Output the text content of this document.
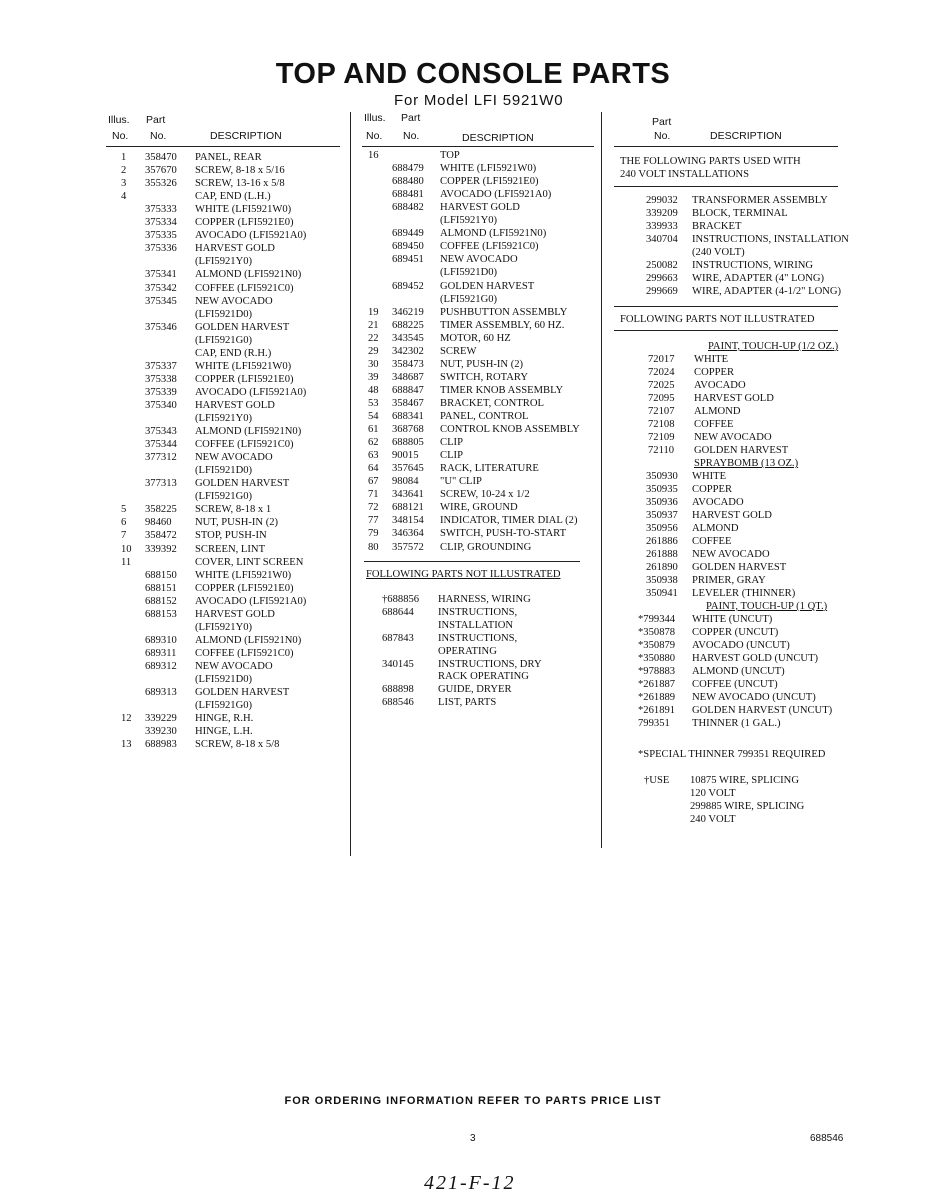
TOP AND CONSOLE PARTS
For Model LFI 5921W0
Illus. Part
No. No.	DESCRIPTION
Illus. Part
No. No.	DESCRIPTION
Part
No.	DESCRIPTION
1 358470 PANEL, REAR
2 357670 SCREW, 8-18 x 5/16
3 355326 SCREW, 13-16 x 5/8
4	CAP, END (L.H.)
375333 WHITE (LFI5921W0)
375334 COPPER (LFI5921E0)
375335 AVOCADO (LFI5921A0)
375336 HARVEST GOLD
(LFI5921Y0)
375341 ALMOND (LFI5921N0)
375342 COFFEE (LFI5921C0)
375345 NEW AVOCADO
(LFI5921D0)
375346 GOLDEN HARVEST
(LFI5921G0)
CAP, END (R.H.)
375337 WHITE (LFI5921W0)
375338 COPPER (LFI5921E0)
375339 AVOCADO (LFI5921A0)
375340 HARVEST GOLD
(LFI5921Y0)
375343 ALMOND (LFI5921N0)
375344 COFFEE (LFI5921C0)
377312 NEW AVOCADO
(LFI5921D0)
377313 GOLDEN HARVEST
(LFI5921G0)
5 358225 SCREW, 8-18 x 1
6 98460 NUT, PUSH-IN (2)
7 358472 STOP, PUSH-IN
10 339392 SCREEN, LINT
11	COVER, LINT SCREEN
688150 WHITE (LFI5921W0)
688151 COPPER (LFI5921E0)
688152 AVOCADO (LFI5921A0)
688153 HARVEST GOLD
(LFI5921Y0)
689310 ALMOND (LFI5921N0)
689311 COFFEE (LFI5921C0)
689312 NEW AVOCADO
(LFI5921D0)
689313 GOLDEN HARVEST
(LFI5921G0)
12 339229 HINGE, R.H.
339230 HINGE, L.H.
13 688983 SCREW, 8-18 x 5/8
16	TOP
688479 WHITE (LFI5921W0)
688480 COPPER (LFI5921E0)
688481 AVOCADO (LFI5921A0)
688482 HARVEST GOLD
(LFI5921Y0)
689449 ALMOND (LFI5921N0)
689450 COFFEE (LFI5921C0)
689451 NEW AVOCADO
(LFI5921D0)
689452 GOLDEN HARVEST
(LFI5921G0)
19 346219 PUSHBUTTON ASSEMBLY
21 688225 TIMER ASSEMBLY, 60 HZ.
22 343545 MOTOR, 60 HZ
29 342302 SCREW
30 358473 NUT, PUSH-IN (2)
39 348687 SWITCH, ROTARY
48 688847 TIMER KNOB ASSEMBLY
53 358467 BRACKET, CONTROL
54 688341 PANEL, CONTROL
61 368768 CONTROL KNOB ASSEMBLY
62 688805 CLIP
63 90015 CLIP
64 357645 RACK, LITERATURE
67 98084 "U" CLIP
71 343641 SCREW, 10-24 x 1/2
72 688121 WIRE, GROUND
77 348154 INDICATOR, TIMER DIAL (2)
79 346364 SWITCH, PUSH-TO-START
80 357572 CLIP, GROUNDING
FOLLOWING PARTS NOT ILLUSTRATED
†688856 HARNESS, WIRING
688644 INSTRUCTIONS,
INSTALLATION
687843 INSTRUCTIONS,
OPERATING
340145 INSTRUCTIONS, DRY
RACK OPERATING
688898 GUIDE, DRYER
688546 LIST, PARTS
THE FOLLOWING PARTS USED WITH
240 VOLT INSTALLATIONS
299032 TRANSFORMER ASSEMBLY
339209 BLOCK, TERMINAL
339933 BRACKET
340704 INSTRUCTIONS, INSTALLATION
(240 VOLT)
250082 INSTRUCTIONS, WIRING
299663 WIRE, ADAPTER (4" LONG)
299669 WIRE, ADAPTER (4-1/2" LONG)
FOLLOWING PARTS NOT ILLUSTRATED
PAINT, TOUCH-UP (1/2 OZ.)
72017 WHITE
72024 COPPER
72025 AVOCADO
72095 HARVEST GOLD
72107 ALMOND
72108 COFFEE
72109 NEW AVOCADO
72110 GOLDEN HARVEST
SPRAYBOMB (13 OZ.)
350930 WHITE
350935 COPPER
350936 AVOCADO
350937 HARVEST GOLD
350956 ALMOND
261886 COFFEE
261888 NEW AVOCADO
261890 GOLDEN HARVEST
350938 PRIMER, GRAY
350941 LEVELER (THINNER)
PAINT, TOUCH-UP (1 QT.)
*799344 WHITE (UNCUT)
*350878 COPPER (UNCUT)
*350879 AVOCADO (UNCUT)
*350880 HARVEST GOLD (UNCUT)
*978883 ALMOND (UNCUT)
*261887 COFFEE (UNCUT)
*261889 NEW AVOCADO (UNCUT)
*261891 GOLDEN HARVEST (UNCUT)
799351 THINNER (1 GAL.)
*SPECIAL THINNER 799351 REQUIRED
†USE 10875 WIRE, SPLICING
120 VOLT
299885 WIRE, SPLICING
240 VOLT
FOR ORDERING INFORMATION REFER TO PARTS PRICE LIST
3	688546
421-F-12
